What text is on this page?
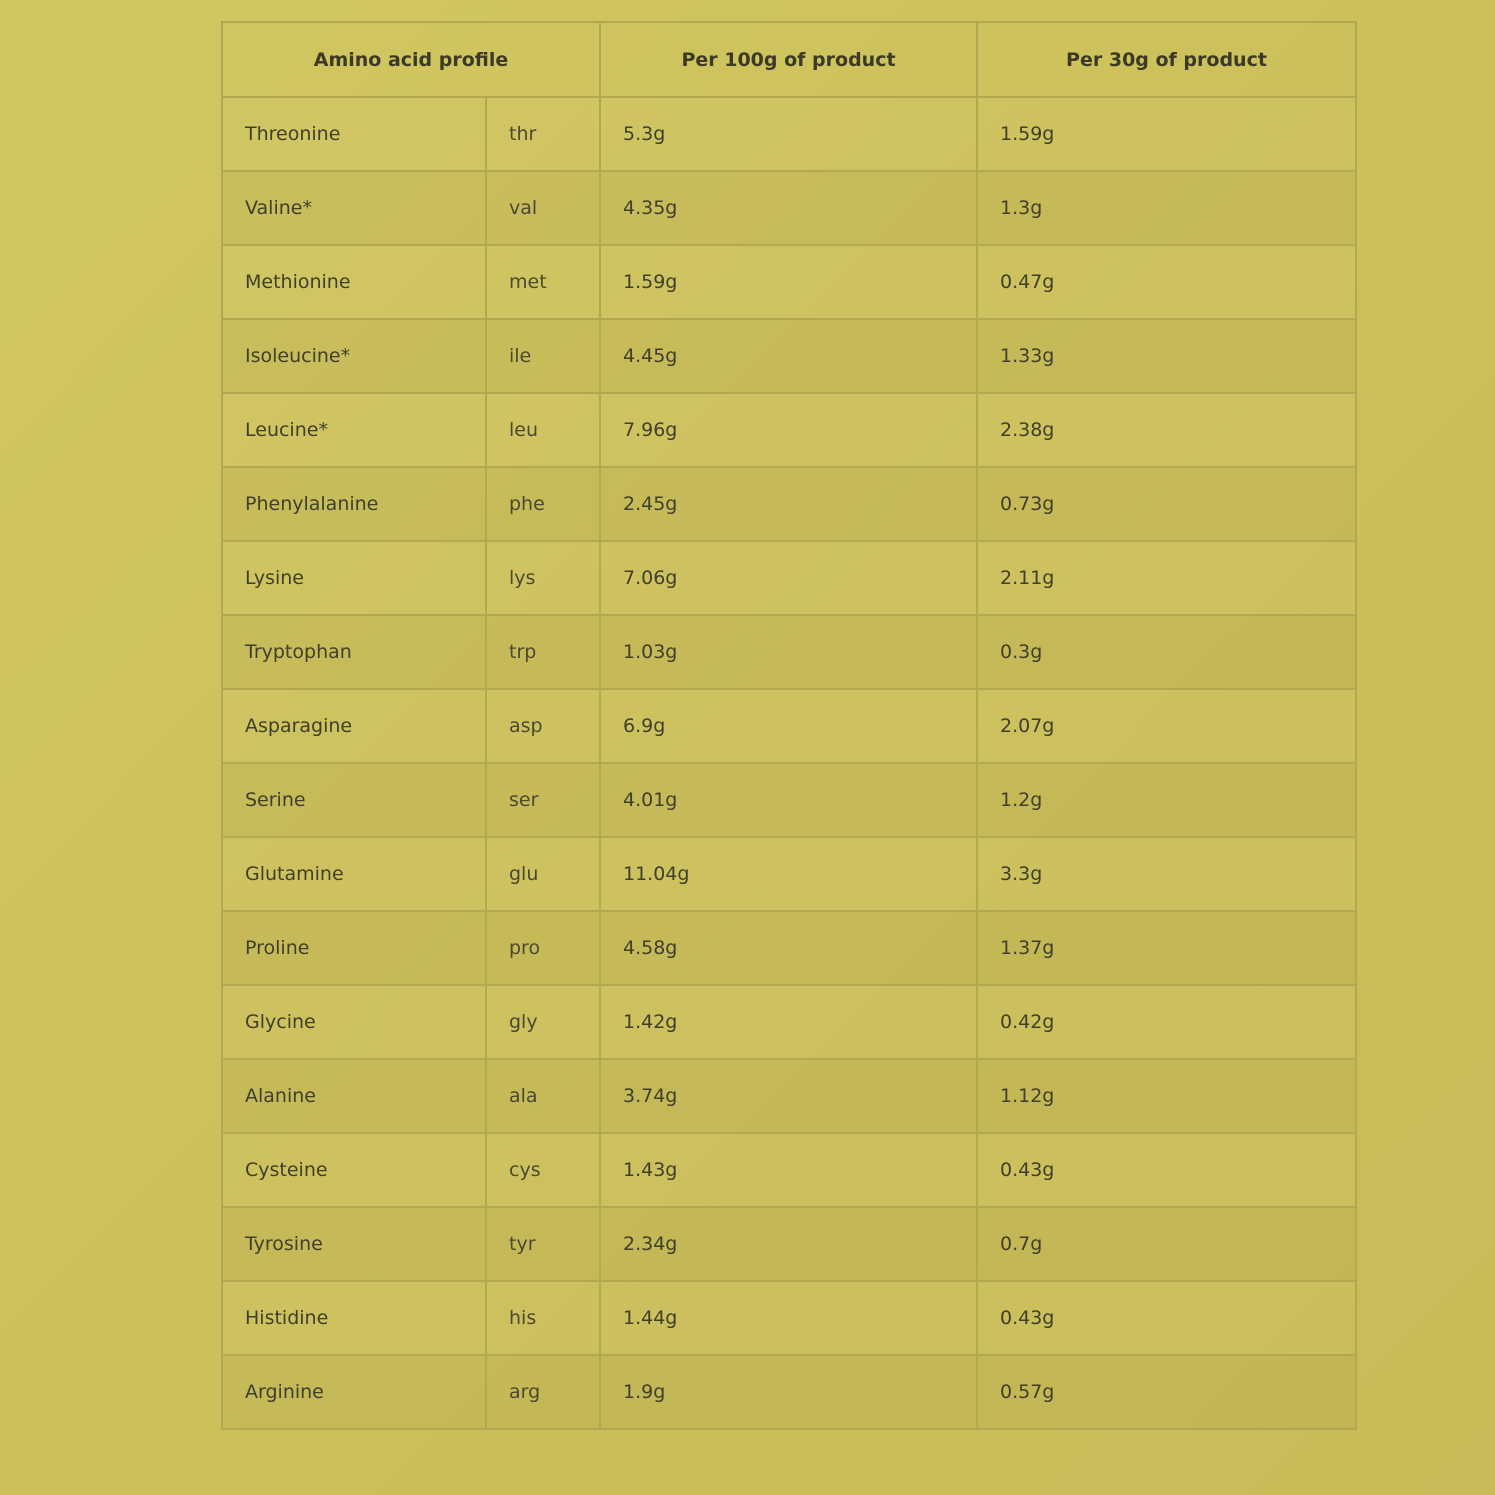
Amino acid profile		Per 100g of product	Per 30g of product
Threonine	thr	5.3g	1.59g
Valine*	val	4.35g	1.3g
Methionine	met	1.59g	0.47g
Isoleucine*	ile	4.45g	1.33g
Leucine*	leu	7.96g	2.38g
Phenylalanine	phe	2.45g	0.73g
Lysine	lys	7.06g	2.11g
Tryptophan	trp	1.03g	0.3g
Asparagine	asp	6.9g	2.07g
Serine	ser	4.01g	1.2g
Glutamine	glu	11.04g	3.3g
Proline	pro	4.58g	1.37g
Glycine	gly	1.42g	0.42g
Alanine	ala	3.74g	1.12g
Cysteine	cys	1.43g	0.43g
Tyrosine	tyr	2.34g	0.7g
Histidine	his	1.44g	0.43g
Arginine	arg	1.9g	0.57g
